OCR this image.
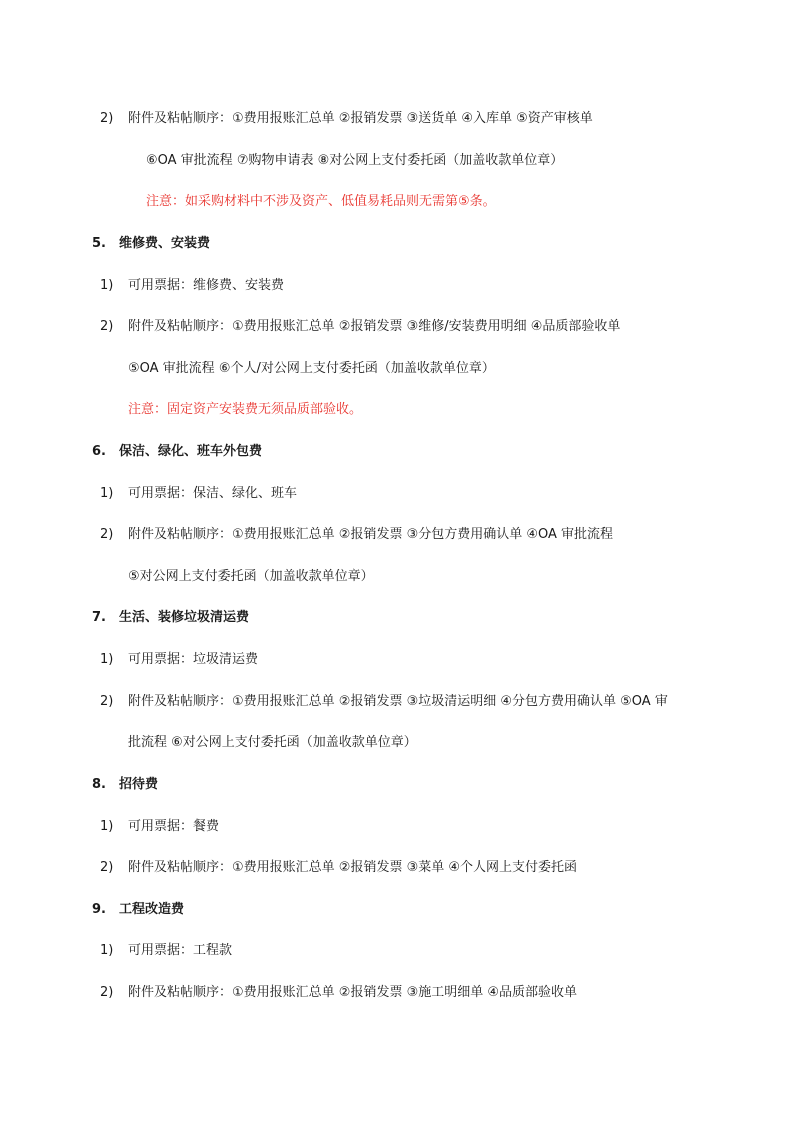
2) 附件及粘帖顺序：①费用报账汇总单 ②报销发票 ③送货单 ④入库单 ⑤资产审核单
⑥OA 审批流程 ⑦购物申请表 ⑧对公网上支付委托函（加盖收款单位章）
注意：如采购材料中不涉及资产、低值易耗品则无需第⑤条。
5. 维修费、安装费
1) 可用票据：维修费、安装费
2) 附件及粘帖顺序：①费用报账汇总单 ②报销发票 ③维修/安装费用明细 ④品质部验收单
⑤OA 审批流程 ⑥个人/对公网上支付委托函（加盖收款单位章）
注意：固定资产安装费无须品质部验收。
6. 保洁、绿化、班车外包费
1) 可用票据：保洁、绿化、班车
2) 附件及粘帖顺序：①费用报账汇总单 ②报销发票 ③分包方费用确认单 ④OA 审批流程
⑤对公网上支付委托函（加盖收款单位章）
7. 生活、装修垃圾清运费
1) 可用票据：垃圾清运费
2) 附件及粘帖顺序：①费用报账汇总单 ②报销发票 ③垃圾清运明细 ④分包方费用确认单 ⑤OA 审
批流程 ⑥对公网上支付委托函（加盖收款单位章）
8. 招待费
1) 可用票据：餐费
2) 附件及粘帖顺序：①费用报账汇总单 ②报销发票 ③菜单 ④个人网上支付委托函
9. 工程改造费
1) 可用票据：工程款
2) 附件及粘帖顺序：①费用报账汇总单 ②报销发票 ③施工明细单 ④品质部验收单
